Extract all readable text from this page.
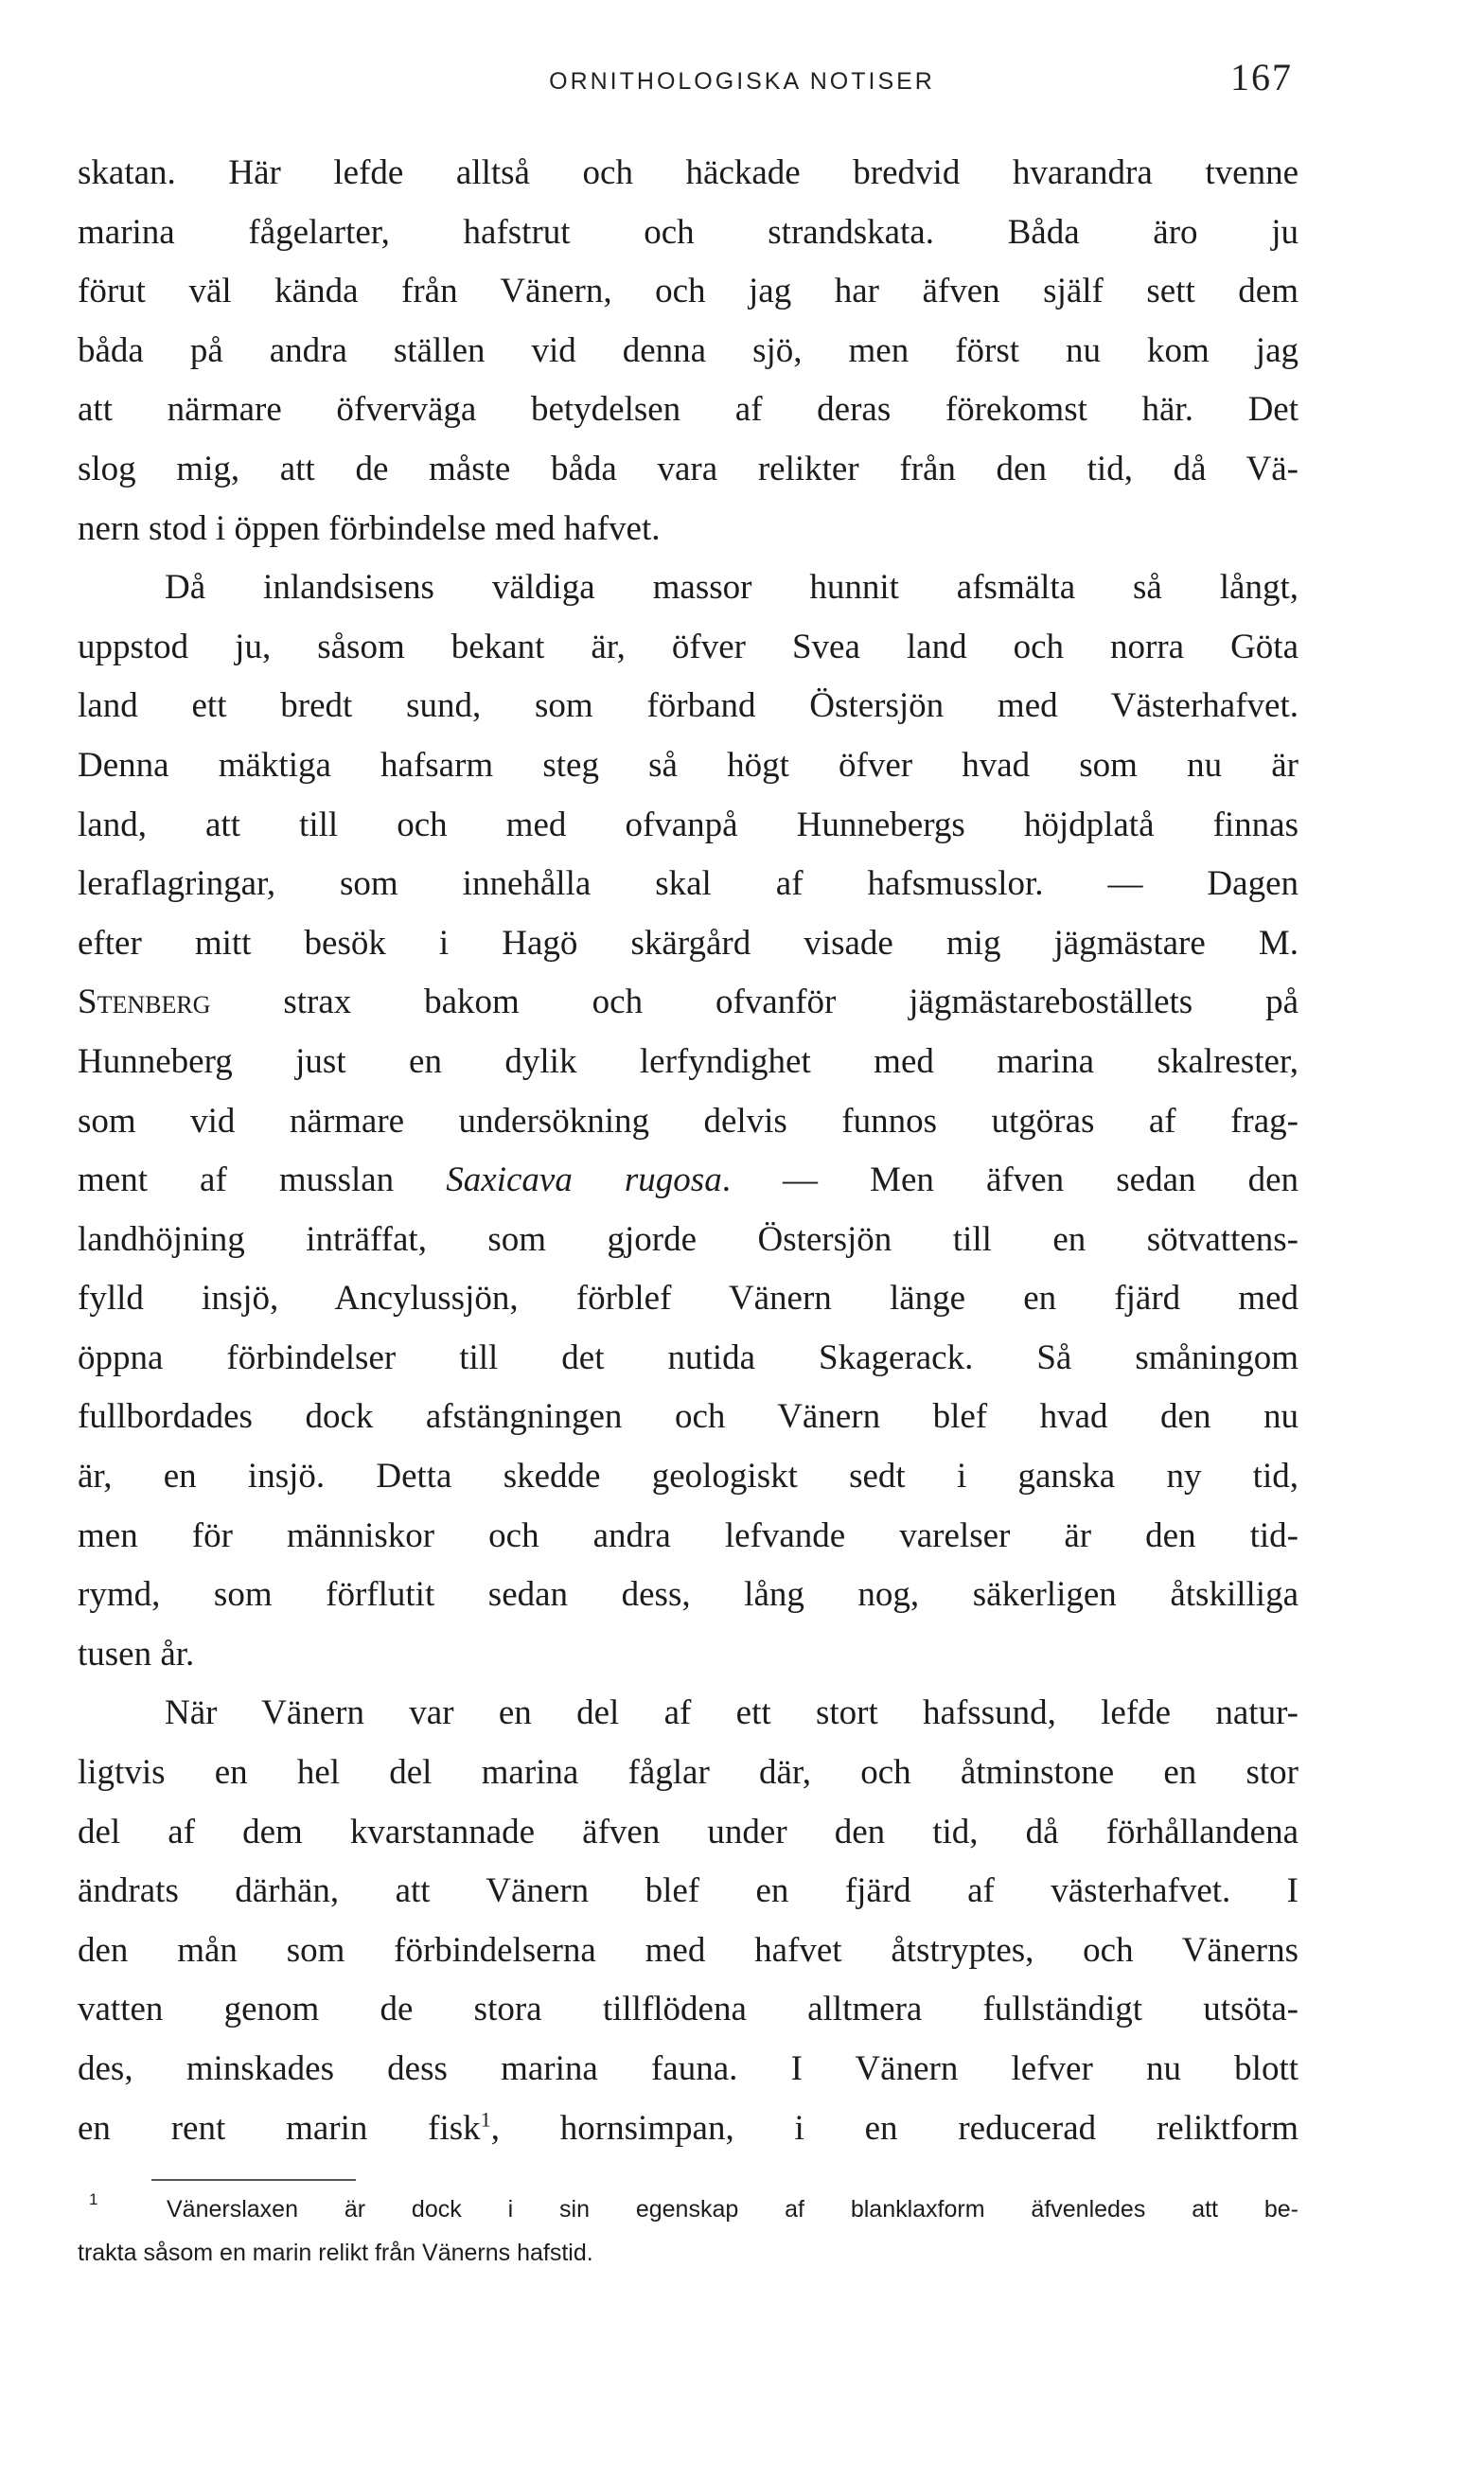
ORNITHOLOGISKA NOTISER	167
skatan. Här lefde alltså och häckade bredvid hvarandra tvenne
marina fågelarter, hafstrut och strandskata. Båda äro ju
förut väl kända från Vänern, och jag har äfven själf sett dem
båda på andra ställen vid denna sjö, men först nu kom jag
att närmare öfverväga betydelsen af deras förekomst här. Det
slog mig, att de måste båda vara relikter från den tid, då Vä-
nern stod i öppen förbindelse med hafvet.
Då inlandsisens väldiga massor hunnit afsmälta så långt,
uppstod ju, såsom bekant är, öfver Svea land och norra Göta
land ett bredt sund, som förband Östersjön med Västerhafvet.
Denna mäktiga hafsarm steg så högt öfver hvad som nu är
land, att till och med ofvanpå Hunnebergs höjdplatå finnas
leraflagringar, som innehålla skal af hafsmusslor. — Dagen
efter mitt besök i Hagö skärgård visade mig jägmästare M.
Stenberg strax bakom och ofvanför jägmästareboställets på
Hunneberg just en dylik lerfyndighet med marina skalrester,
som vid närmare undersökning delvis funnos utgöras af frag-
ment af musslan Saxicava rugosa. — Men äfven sedan den
landhöjning inträffat, som gjorde Östersjön till en sötvattens-
fylld insjö, Ancylussjön, förblef Vänern länge en fjärd med
öppna förbindelser till det nutida Skagerack. Så småningom
fullbordades dock afstängningen och Vänern blef hvad den nu
är, en insjö. Detta skedde geologiskt sedt i ganska ny tid,
men för människor och andra lefvande varelser är den tid-
rymd, som förflutit sedan dess, lång nog, säkerligen åtskilliga
tusen år.
När Vänern var en del af ett stort hafssund, lefde natur-
ligtvis en hel del marina fåglar där, och åtminstone en stor
del af dem kvarstannade äfven under den tid, då förhållandena
ändrats därhän, att Vänern blef en fjärd af västerhafvet. I
den mån som förbindelserna med hafvet åtstryptes, och Vänerns
vatten genom de stora tillflödena alltmera fullständigt utsöta-
des, minskades dess marina fauna. I Vänern lefver nu blott
en rent marin fisk$^1$, hornsimpan, i en reducerad reliktform
1	Vänerslaxen är dock i sin egenskap af blanklaxform äfvenledes att be-
trakta såsom en marin relikt från Vänerns hafstid.
